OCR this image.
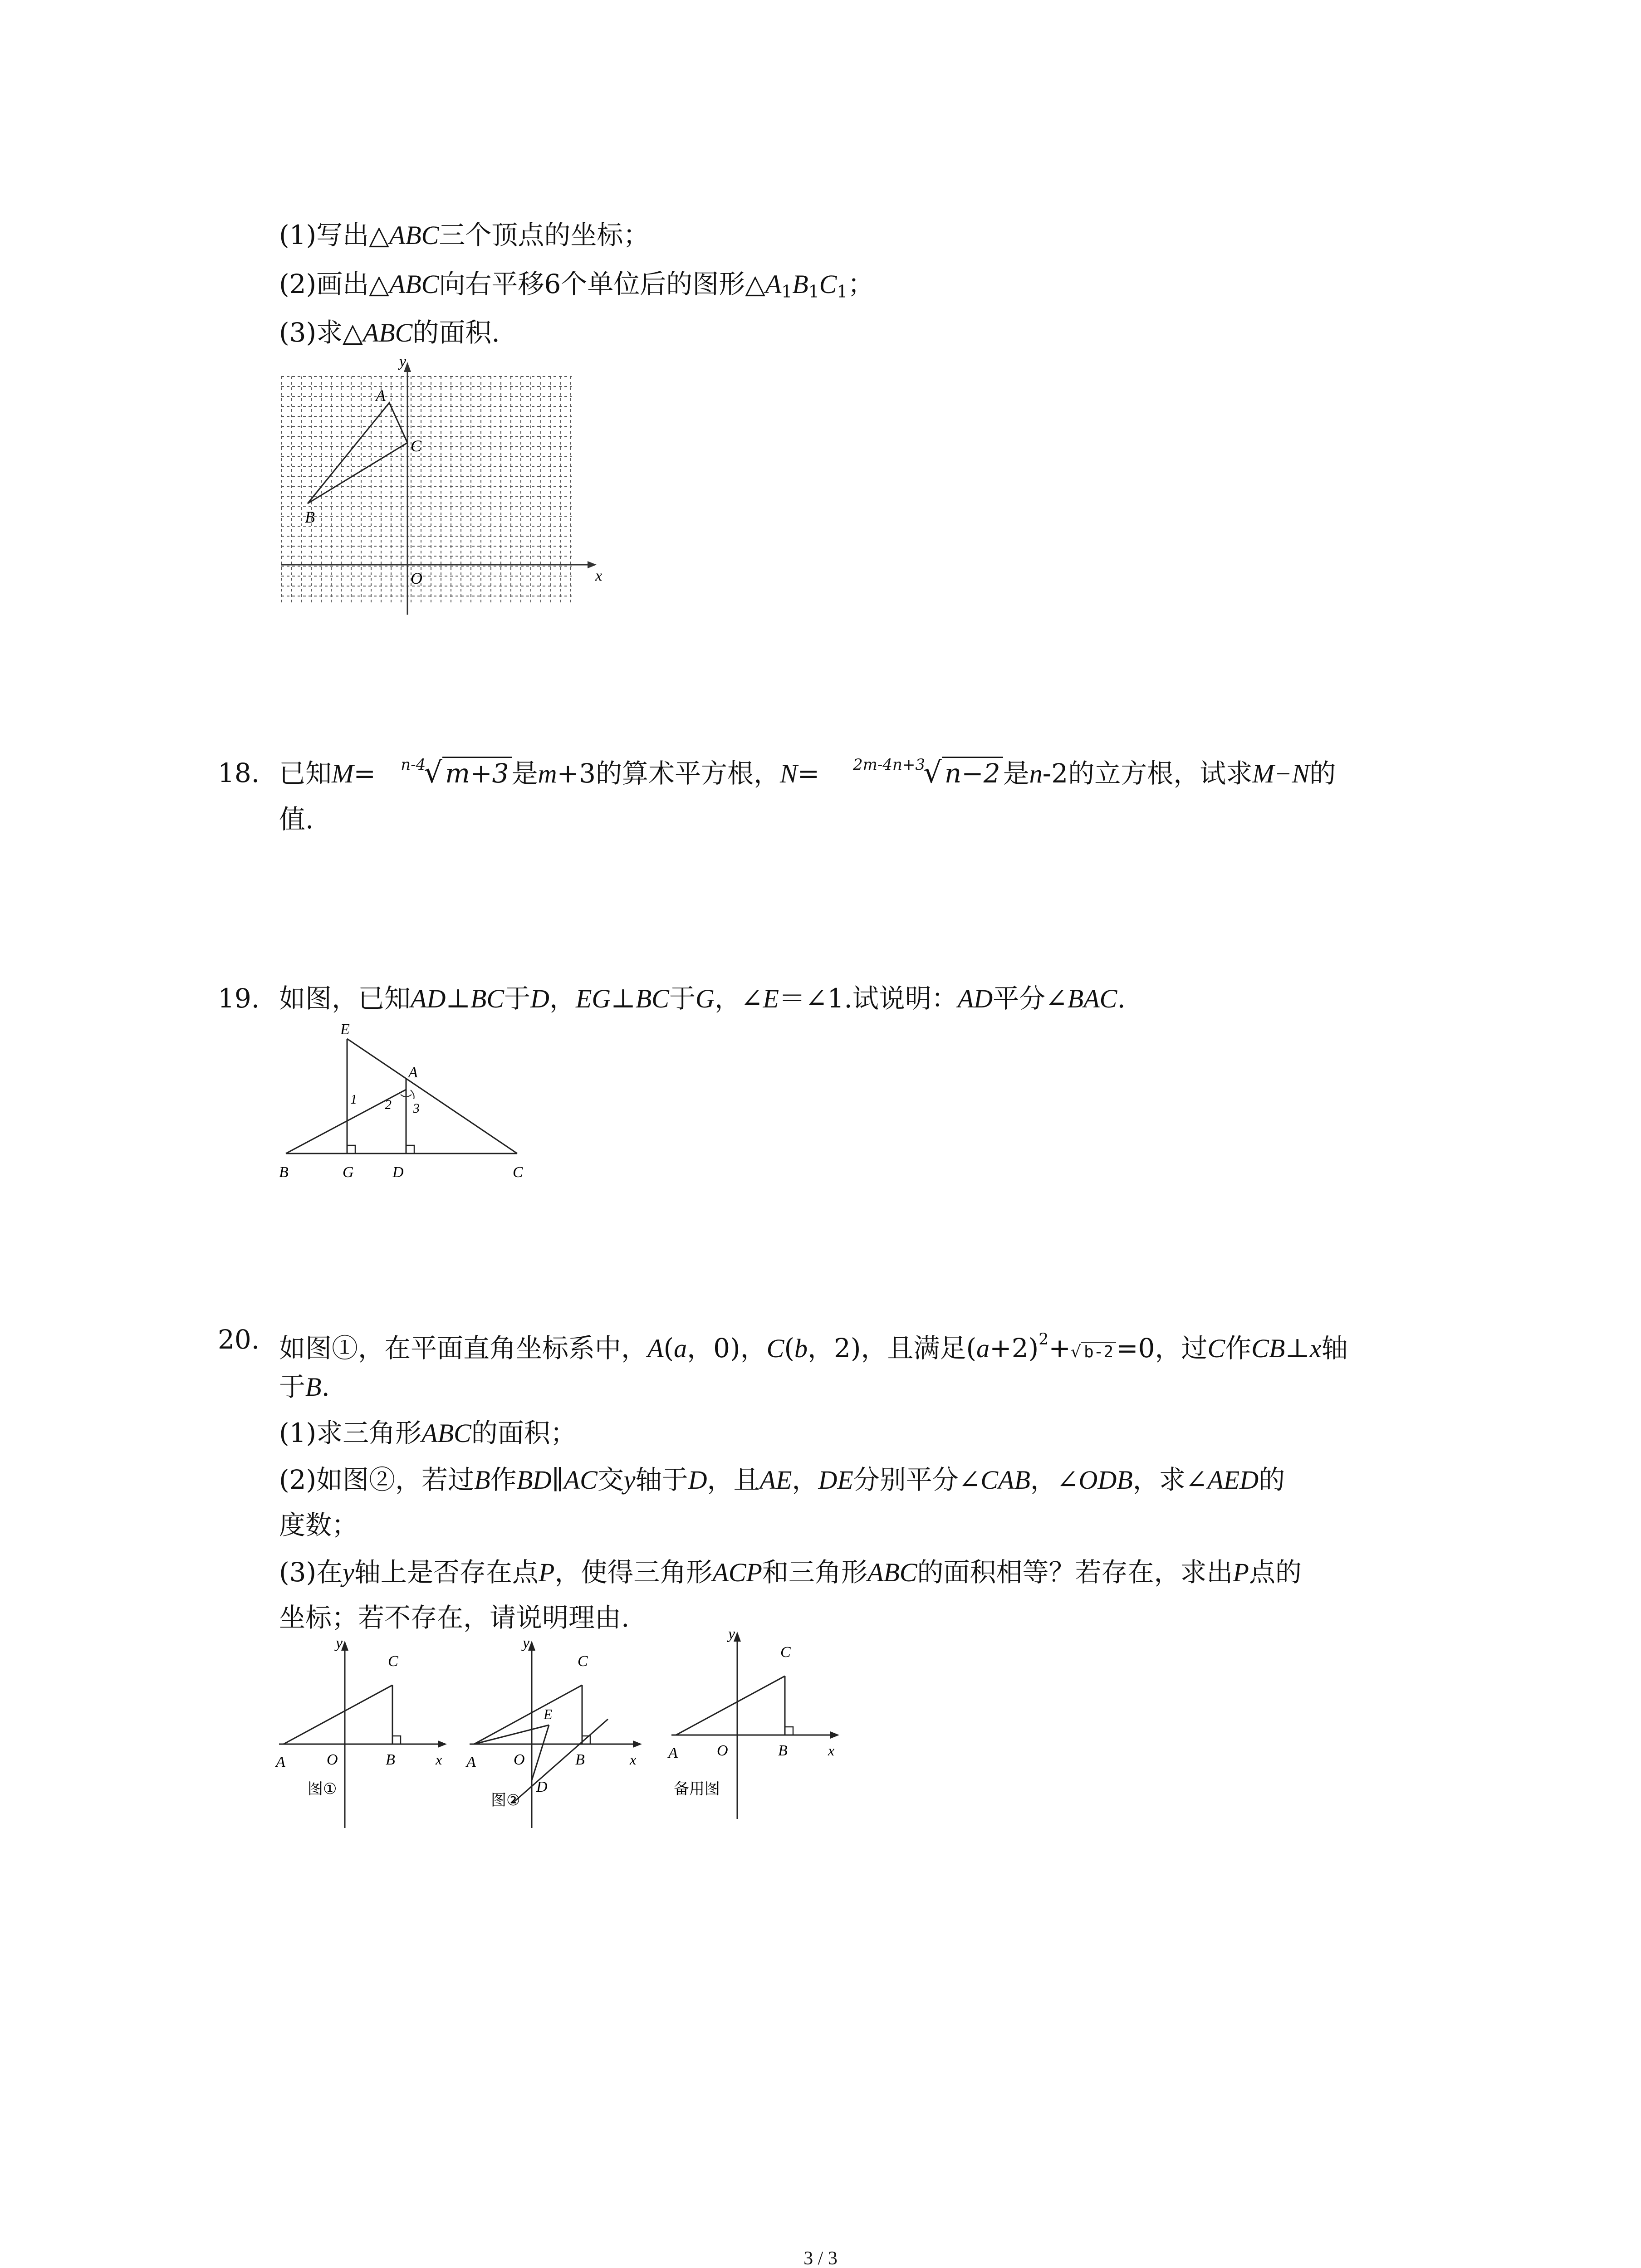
(1)写出△ABC三个顶点的坐标；
(2)画出△ABC向右平移6个单位后的图形$\triangle A_1B_1C_1$；
(3)求△ABC的面积.
y
x
O
A
C
B
18. 已知M= $^{n-4}$√ m+3 是m+3的算术平方根，N= $^{2m-4n+3}$√ n−2 是n-2的立方根，试求M−N的
值.
19. 如图，已知AD⊥BC于D，EG⊥BC于G，∠E＝∠1.试说明：AD平分∠BAC.
E
A
1 2 3
B	G	D	C
20. 如图①，在平面直角坐标系中，A(a，0)，C(b，2)，且满足$(a+2)^2+√$ b-2 =0，过C作CB⊥x轴
于B.
(1)求三角形ABC的面积；
(2)如图②，若过B作BD∥AC交y轴于D，且AE，DE分别平分∠CAB，∠ODB，求∠AED的
度数；
(3)在y轴上是否存在点P，使得三角形ACP和三角形ABC的面积相等？若存在，求出P点的
坐标；若不存在，请说明理由.
y
C
A	O	B	x
图①
y
C
E
A O	B	x
D
图②
y
C
A	O	B	x
备用图
3 / 3
